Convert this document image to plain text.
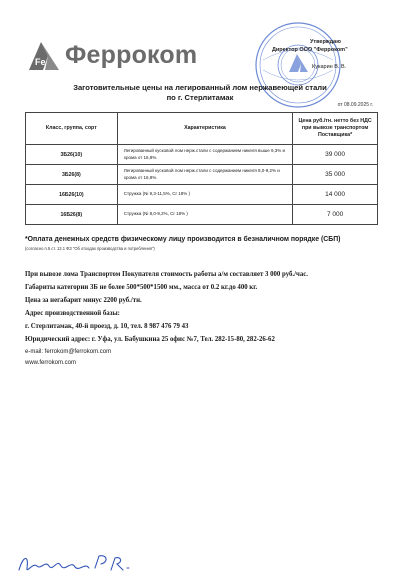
Fe Феррокоm	Утверждаю
Директор ООО "Феррокоm"
Кукарин В. В.
Заготовительные цены на легированный лом нержавеющей стали
по г. Стерлитамак
от 08.09.2025 г.
Класс, группа, сорт	Характеристика	Цена руб./тн. нетто без НДС при вывозе транспортом Поставщика*
3Б26(10)	Легированный кусковой лом нерж.стали с содержанием никеля выше 9,3% и хрома от 16,9%.	39 000
3Б26(8)	Легированный кусковой лом нерж.стали с содержанием никеля 8,0-9,2% и хрома от 16,9%.	35 000
16Б26(10)	Стружка (Ni 9,3-11,5%, Cr 18% )	14 000
16Б26(8)	Стружка (Ni 8,0-9,2%, Cr 18% )	7 000
*Оплата денежных средств физическому лицу производится в безналичном порядке (СБП)
(согласно п.5 ст. 13.1 ФЗ "Об отходах производства и потребления")
При вывозе лома Транспортом Покупателя стоимость работы а/м составляет 3 000 руб./час.
Габариты категории 3Б не более 500*500*1500 мм., масса от 0.2 кг.до 400 кг.
Цена за негабарит минус 2200 руб./тн.
Адрес производственной базы:
г. Стерлитамак, 40-й проезд, д. 10, тел. 8 987 476 79 43
Юридический адрес: г. Уфа, ул. Бабушкина 25 офис №7, Тел. 282-15-80, 282-26-62
e-mail: ferrokom@ferrokom.com
www.ferrokom.com
